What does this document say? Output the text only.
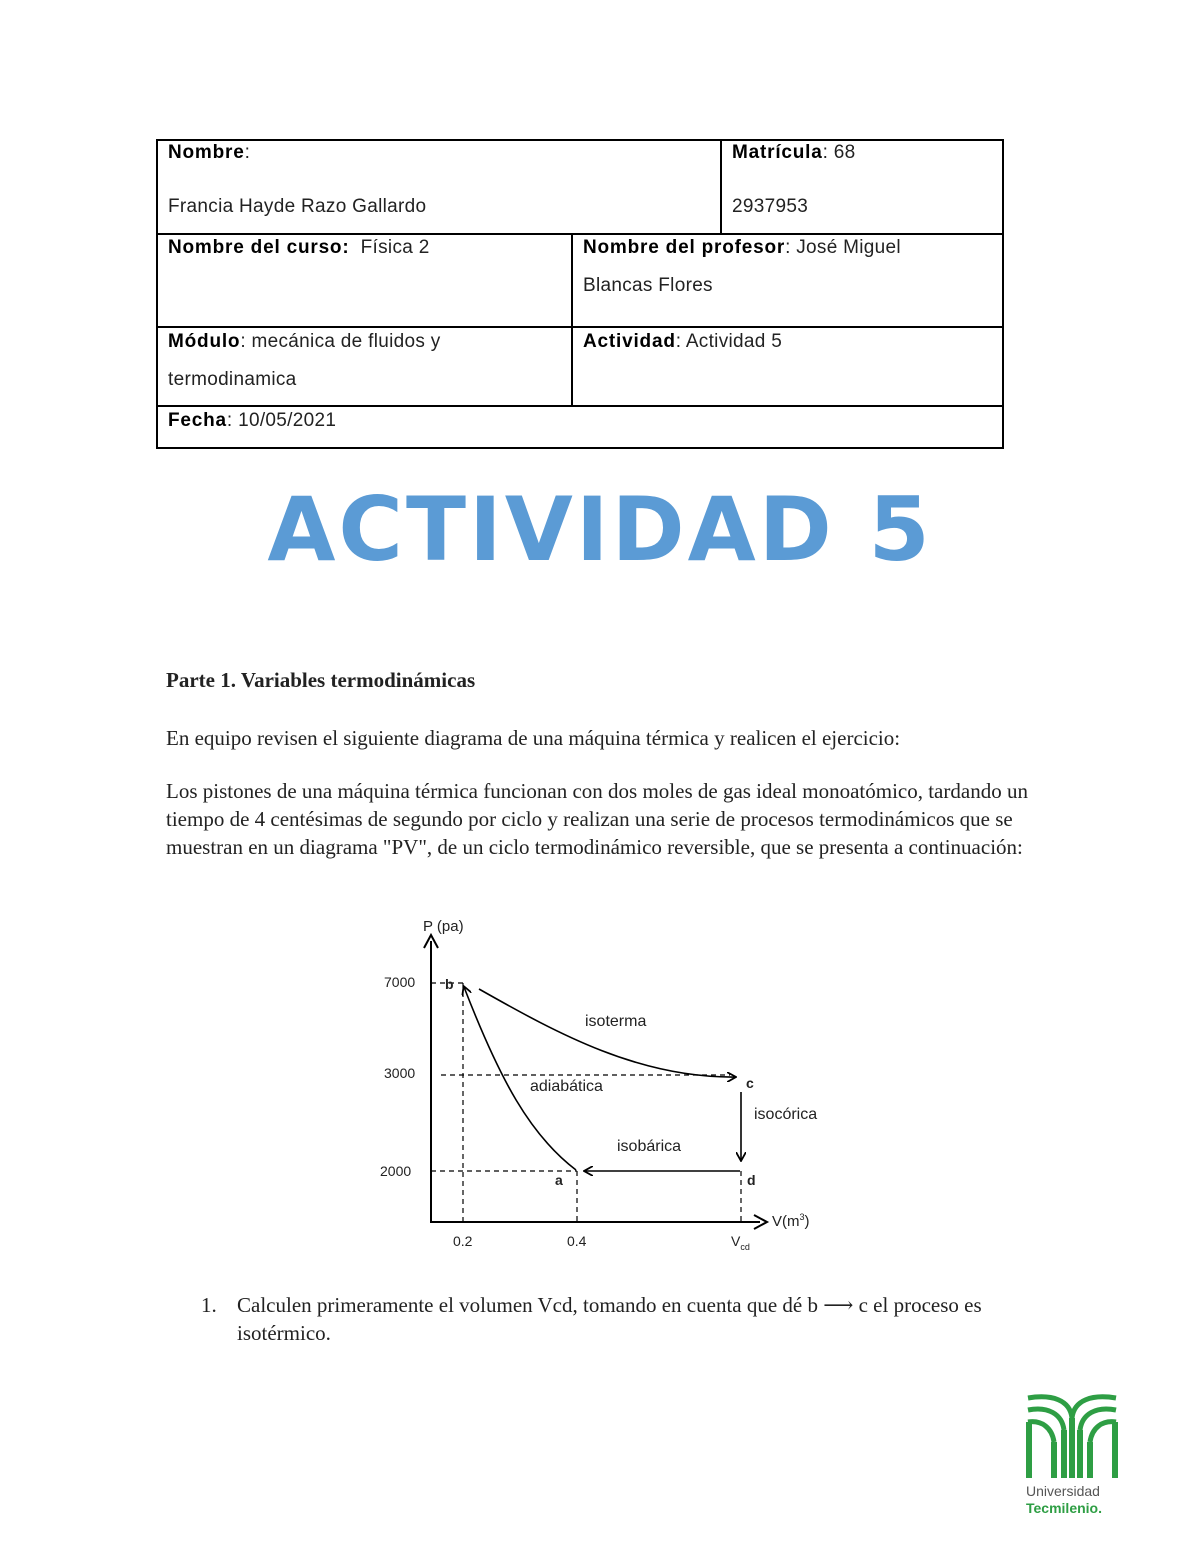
Nombre:
Francia Hayde Razo Gallardo
Matrícula: 68
2937953
Nombre del curso: Física 2	Nombre del profesor: José Miguel
Blancas Flores
Módulo: mecánica de fluidos y
termodinamica
Actividad: Actividad 5
Fecha: 10/05/2021
ACTIVIDAD 5
Parte 1. Variables termodinámicas
En equipo revisen el siguiente diagrama de una máquina térmica y realicen el ejercicio:
Los pistones de una máquina térmica funcionan con dos moles de gas ideal monoatómico, tardando un tiempo de 4 centésimas de segundo por ciclo y realizan una serie de procesos termodinámicos que se muestran en un diagrama "PV", de un ciclo termodinámico reversible, que se presenta a continuación:
P (pa)
7000
3000
2000
0.2	0.4	$V_{cd}$
$V(m^3)$
b
c
d
a
isoterma
adiabática
isocórica
isobárica
1. Calculen primeramente el volumen Vcd, tomando en cuenta que dé b ⟶ c el proceso es isotérmico.
Universidad
Tecmilenio.
